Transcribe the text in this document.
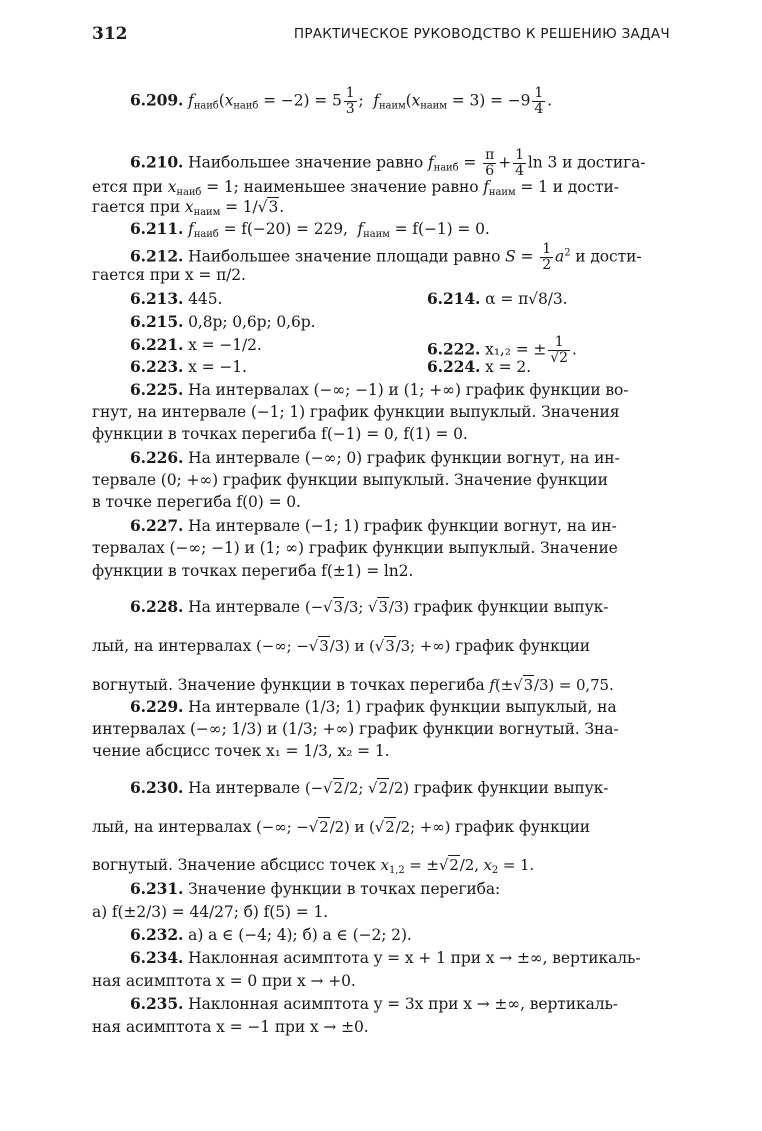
312	ПРАКТИЧЕСКОЕ РУКОВОДСТВО К РЕШЕНИЮ ЗАДАЧ
6.209. $f_{наиб}(x_{наиб} = -2) = 5 \frac{1}{3}$ ;  $f_{наим}(x_{наим} = 3) = -9 \frac{1}{4}$ .
6.210. Наибольшее значение равно $f_{наиб} = \frac{\pi}{6} + \frac{1}{4}$ ln 3 и достига-
ется при $x_{наиб} = 1$; наименьшее значение равно $f_{наим} = 1$ и дости-
гается при $x_{наим} = 1/√3$.
6.211. $f_{наиб} = f(-20) = 229$, $f_{наим} = f(-1) = 0$.
6.212. Наибольшее значение площади равно $S = \frac{1}{2} a^2$ и дости-
гается при x = π/2.
6.213. 445.	6.214. α = π√8/3.
6.215. 0,8p; 0,6p; 0,6p.
6.221. x = −1/2.	6.222. x₁,₂ = ± $\frac{1}{√2}$ .
6.223. x = −1.	6.224. x = 2.
6.225. На интервалах (−∞; −1) и (1; +∞) график функции во-
гнут, на интервале (−1; 1) график функции выпуклый. Значения
функции в точках перегиба f(−1) = 0, f(1) = 0.
6.226. На интервале (−∞; 0) график функции вогнут, на ин-
тервале (0; +∞) график функции выпуклый. Значение функции
в точке перегиба f(0) = 0.
6.227. На интервале (−1; 1) график функции вогнут, на ин-
тервалах (−∞; −1) и (1; ∞) график функции выпуклый. Значение
функции в точках перегиба f(±1) = ln2.
6.228. На интервале (−√3/3; √3/3) график функции выпук-
лый, на интервалах (−∞; −√3/3) и (√3/3; +∞) график функции
вогнутый. Значение функции в точках перегиба f(±√3/3) = 0,75.
6.229. На интервале (1/3; 1) график функции выпуклый, на
интервалах (−∞; 1/3) и (1/3; +∞) график функции вогнутый. Зна-
чение абсцисс точек x₁ = 1/3, x₂ = 1.
6.230. На интервале (−√2/2; √2/2) график функции выпук-
лый, на интервалах (−∞; −√2/2) и (√2/2; +∞) график функции
вогнутый. Значение абсцисс точек $x_{1,2} = \pm√2/2$, $x_2 = 1$.
6.231. Значение функции в точках перегиба:
а) f(±2/3) = 44/27; б) f(5) = 1.
6.232. а) a ∈ (−4; 4); б) a ∈ (−2; 2).
6.234. Наклонная асимптота y = x + 1 при x → ±∞, вертикаль-
ная асимптота x = 0 при x → +0.
6.235. Наклонная асимптота y = 3x при x → ±∞, вертикаль-
ная асимптота x = −1 при x → ±0.
